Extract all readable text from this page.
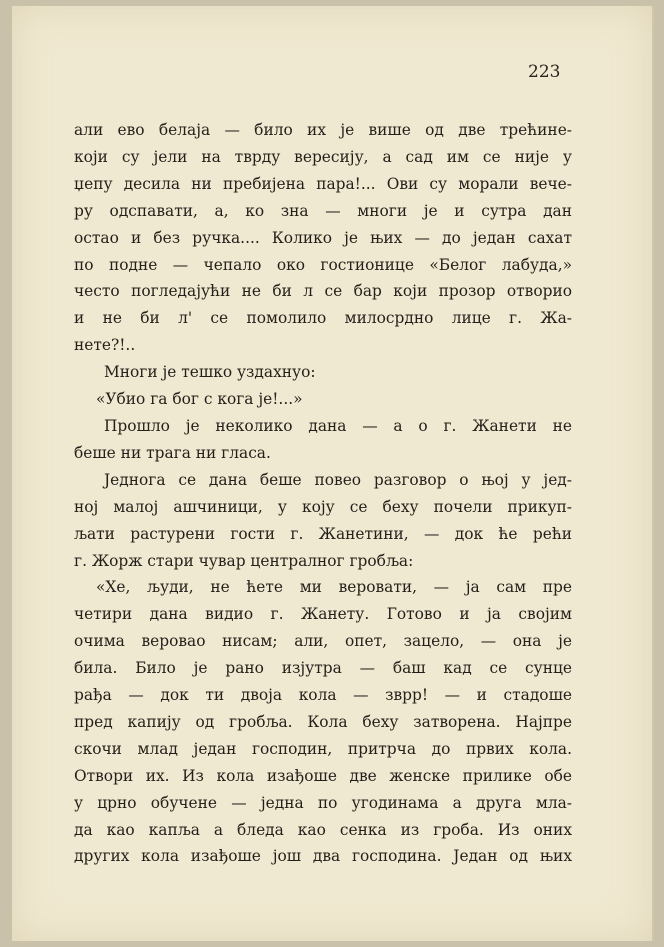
223

али ево белаја — било их је више од две трећине-
који су јели на тврду вересију, а сад им се није у
џепу десила ни пребијена пара!... Ови су морали вече-
ру одспавати, а, ко зна — многи је и сутра дан
остао и без ручка.... Колико је њих — до један сахат
по подне — чепало око гостионице «Белог лабуда,»
често погледајући не би л се бар који прозор отворио
и не би л' се помолило милосрдно лице г. Жа-
нете?!..
Многи је тешко уздахнуо:
«Убио га бог с кога је!...»
Прошло је неколико дана — а о г. Жанети не
беше ни трага ни гласа.
Једнога се дана беше повео разговор о њој у јед-
ној малој ашчиници, у коју се беху почели прикуп-
љати растурени гости г. Жанетини, — док ће рећи
г. Жорж стари чувар централног гробља:
«Хе, људи, не ћете ми веровати, — ја сам пре
четири дана видио г. Жанету. Готово и ја својим
очима веровао нисам; али, опет, зацело, — она је
била. Било је рано изјутра — баш кад се сунце
рађа — док ти двоја кола — зврр! — и стадоше
пред капију од гробља. Кола беху затворена. Најпре
скочи млад један господин, притрча до првих кола.
Отвори их. Из кола изађоше две женске прилике обе
у црно обучене — једна по угодинама а друга мла-
да као капља а бледа као сенка из гроба. Из оних
других кола изађоше још два господина. Један од њих
